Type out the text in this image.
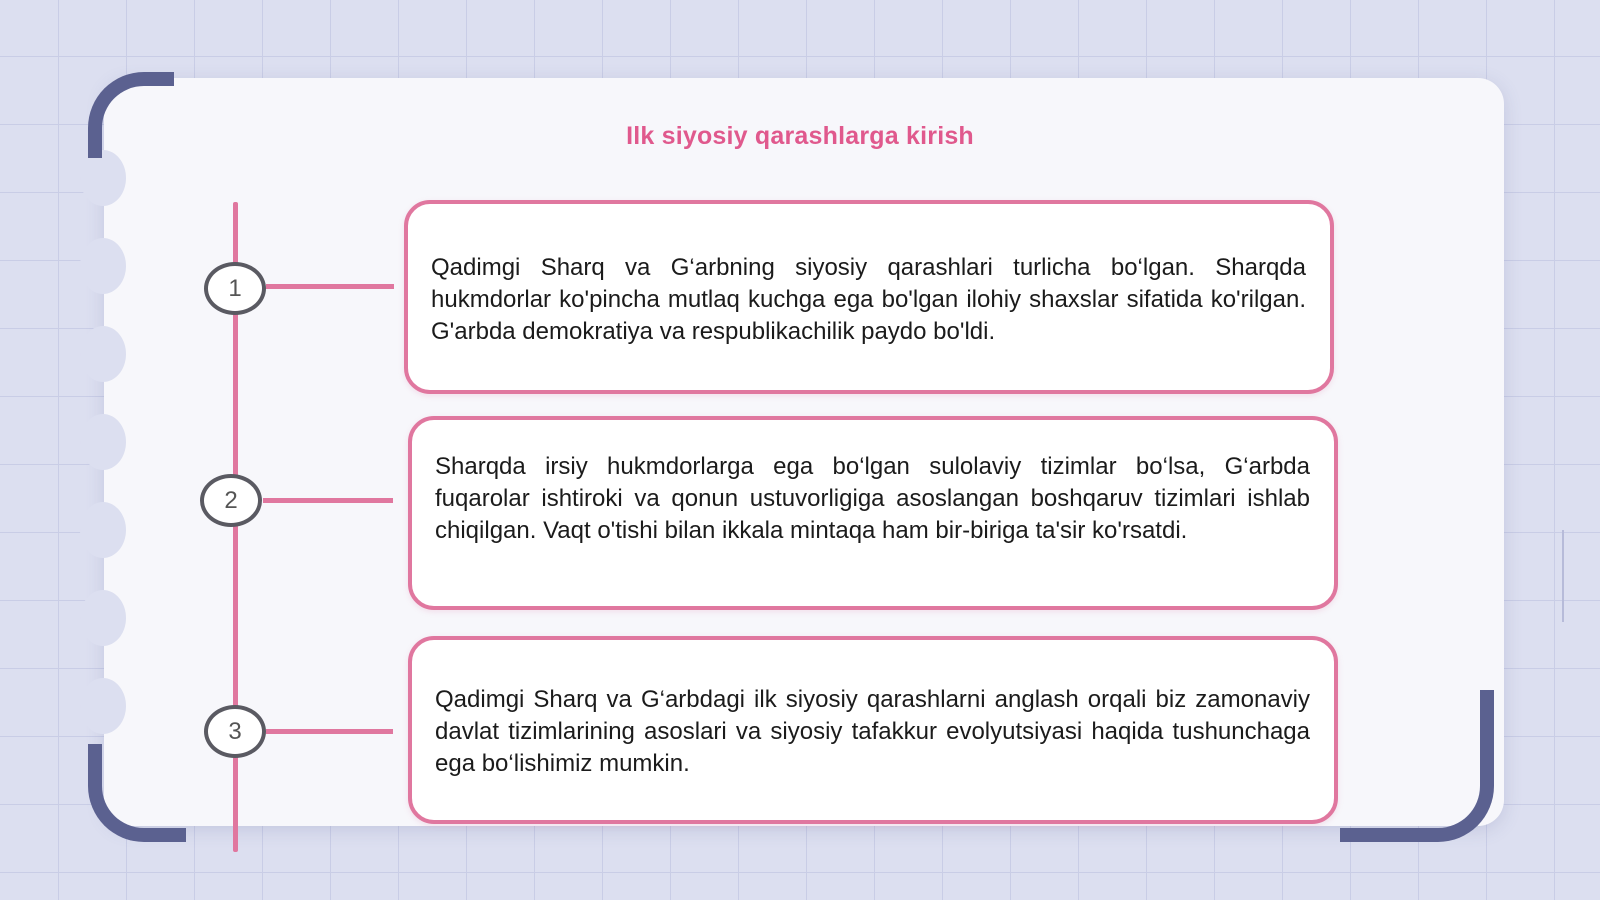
Ilk siyosiy qarashlarga kirish
1

Qadimgi Sharq va G‘arbning siyosiy qarashlari turlicha bo‘lgan. Sharqda hukmdorlar ko'pincha mutlaq kuchga ega bo'lgan ilohiy shaxslar sifatida ko'rilgan. G'arbda demokratiya va respublikachilik paydo bo'ldi.

2

Sharqda irsiy hukmdorlarga ega bo‘lgan sulolaviy tizimlar bo‘lsa, G‘arbda fuqarolar ishtiroki va qonun ustuvorligiga asoslangan boshqaruv tizimlari ishlab chiqilgan. Vaqt o'tishi bilan ikkala mintaqa ham bir-biriga ta'sir ko'rsatdi.

3

Qadimgi Sharq va G‘arbdagi ilk siyosiy qarashlarni anglash orqali biz zamonaviy davlat tizimlarining asoslari va siyosiy tafakkur evolyutsiyasi haqida tushunchaga ega bo‘lishimiz mumkin.
